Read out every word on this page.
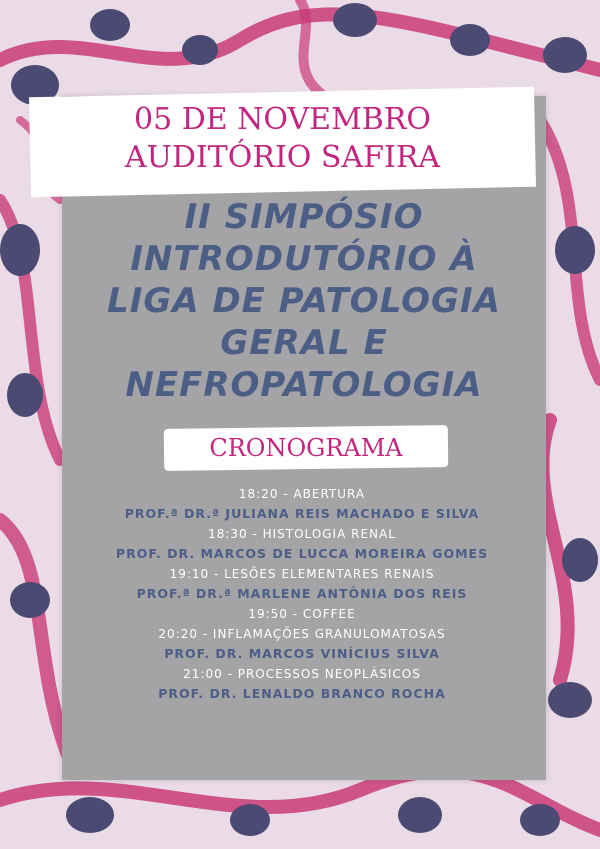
05 DE NOVEMBRO
AUDITÓRIO SAFIRA
II SIMPÓSIO
INTRODUTÓRIO À
LIGA DE PATOLOGIA
GERAL E
NEFROPATOLOGIA
CRONOGRAMA
18:20 - ABERTURA
PROF.ª DR.ª JULIANA REIS MACHADO E SILVA
18:30 - HISTOLOGIA RENAL
PROF. DR. MARCOS DE LUCCA MOREIRA GOMES
19:10 - LESÕES ELEMENTARES RENAIS
PROF.ª DR.ª MARLENE ANTÔNIA DOS REIS
19:50 - COFFEE
20:20 - INFLAMAÇÕES GRANULOMATOSAS
PROF. DR. MARCOS VINÍCIUS SILVA
21:00 - PROCESSOS NEOPLÁSICOS
PROF. DR. LENALDO BRANCO ROCHA
